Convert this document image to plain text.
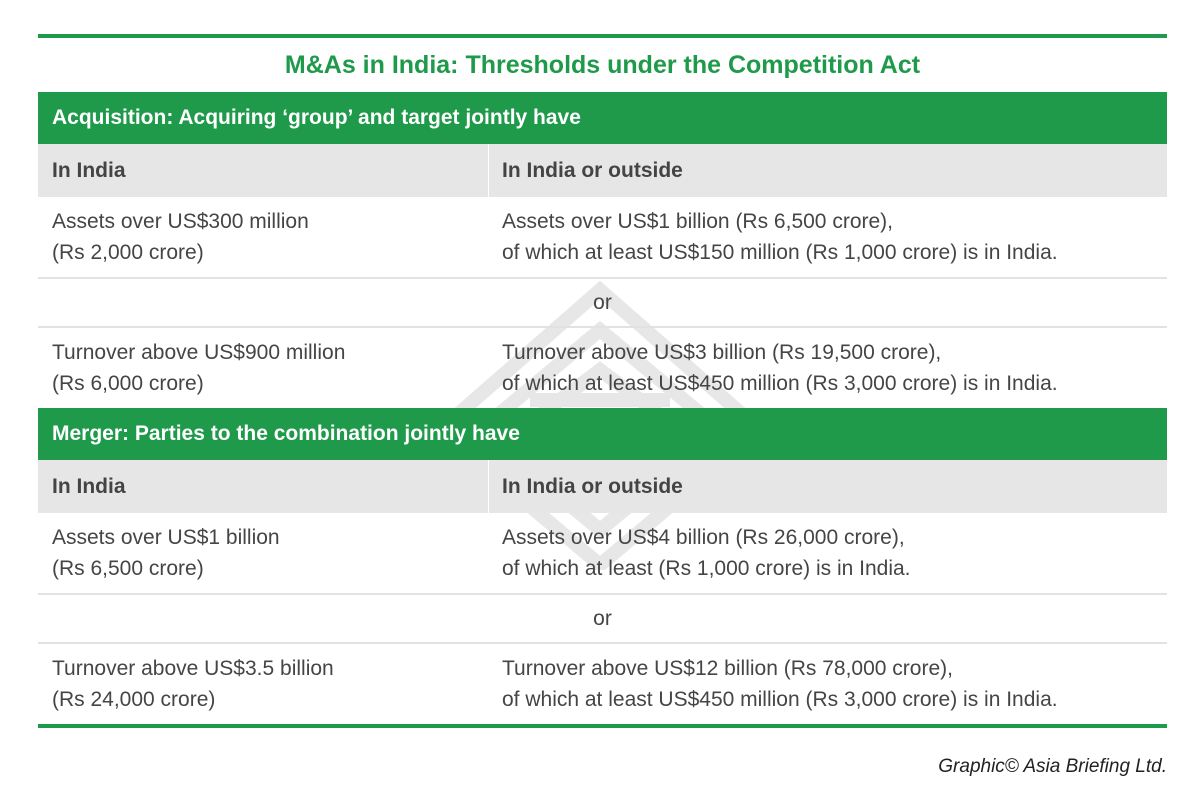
M&As in India: Thresholds under the Competition Act
Acquisition: Acquiring ‘group’ and target jointly have
In India	In India or outside
Assets over US$300 million
(Rs 2,000 crore)
Assets over US$1 billion (Rs 6,500 crore),
of which at least US$150 million (Rs 1,000 crore) is in India.
or
Turnover above US$900 million
(Rs 6,000 crore)
Turnover above US$3 billion (Rs 19,500 crore),
of which at least US$450 million (Rs 3,000 crore) is in India.
Merger: Parties to the combination jointly have
In India	In India or outside
Assets over US$1 billion
(Rs 6,500 crore)
Assets over US$4 billion (Rs 26,000 crore),
of which at least (Rs 1,000 crore) is in India.
or
Turnover above US$3.5 billion
(Rs 24,000 crore)
Turnover above US$12 billion (Rs 78,000 crore),
of which at least US$450 million (Rs 3,000 crore) is in India.
Graphic© Asia Briefing Ltd.
